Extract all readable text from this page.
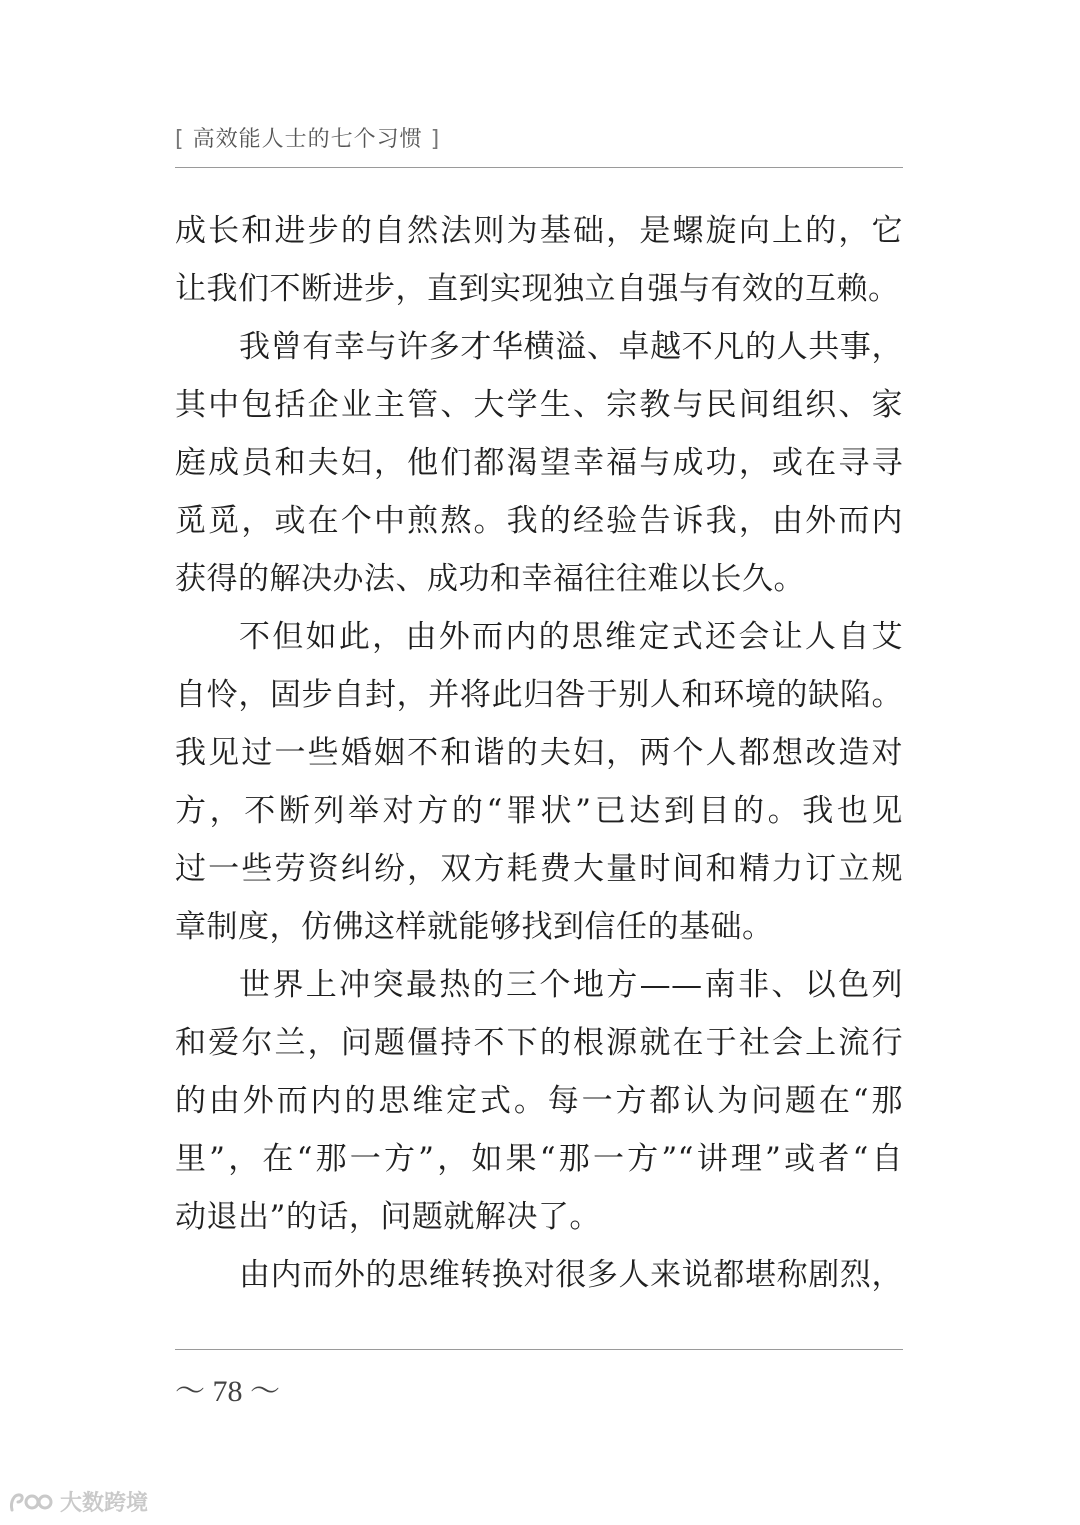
[ 高效能人士的七个习惯 ]
成长和进步的自然法则为基础，是螺旋向上的，它
让我们不断进步，直到实现独立自强与有效的互赖。
我曾有幸与许多才华横溢、卓越不凡的人共事，
其中包括企业主管、大学生、宗教与民间组织、家
庭成员和夫妇，他们都渴望幸福与成功，或在寻寻
觅觅，或在个中煎熬。我的经验告诉我，由外而内
获得的解决办法、成功和幸福往往难以长久。
不但如此，由外而内的思维定式还会让人自艾
自怜，固步自封，并将此归咎于别人和环境的缺陷。
我见过一些婚姻不和谐的夫妇，两个人都想改造对
方，不断列举对方的“罪状”已达到目的。我也见
过一些劳资纠纷，双方耗费大量时间和精力订立规
章制度，仿佛这样就能够找到信任的基础。
世界上冲突最热的三个地方——南非、以色列
和爱尔兰，问题僵持不下的根源就在于社会上流行
的由外而内的思维定式。每一方都认为问题在“那
里”，在“那一方”，如果“那一方”“讲理”或者“自
动退出”的话，问题就解决了。
由内而外的思维转换对很多人来说都堪称剧烈，
～ 78 ～
大数跨境
